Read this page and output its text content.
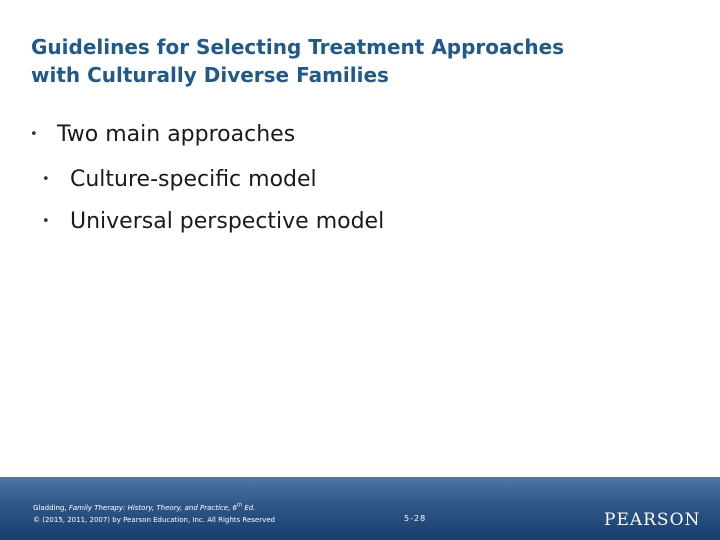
Guidelines for Selecting Treatment Approaches
with Culturally Diverse Families
• Two main approaches
• Culture-specific model
• Universal perspective model
Gladding, Family Therapy: History, Theory, and Practice, 6th Ed.
© (2015, 2011, 2007) by Pearson Education, Inc. All Rights Reserved	5-28	PEARSON
